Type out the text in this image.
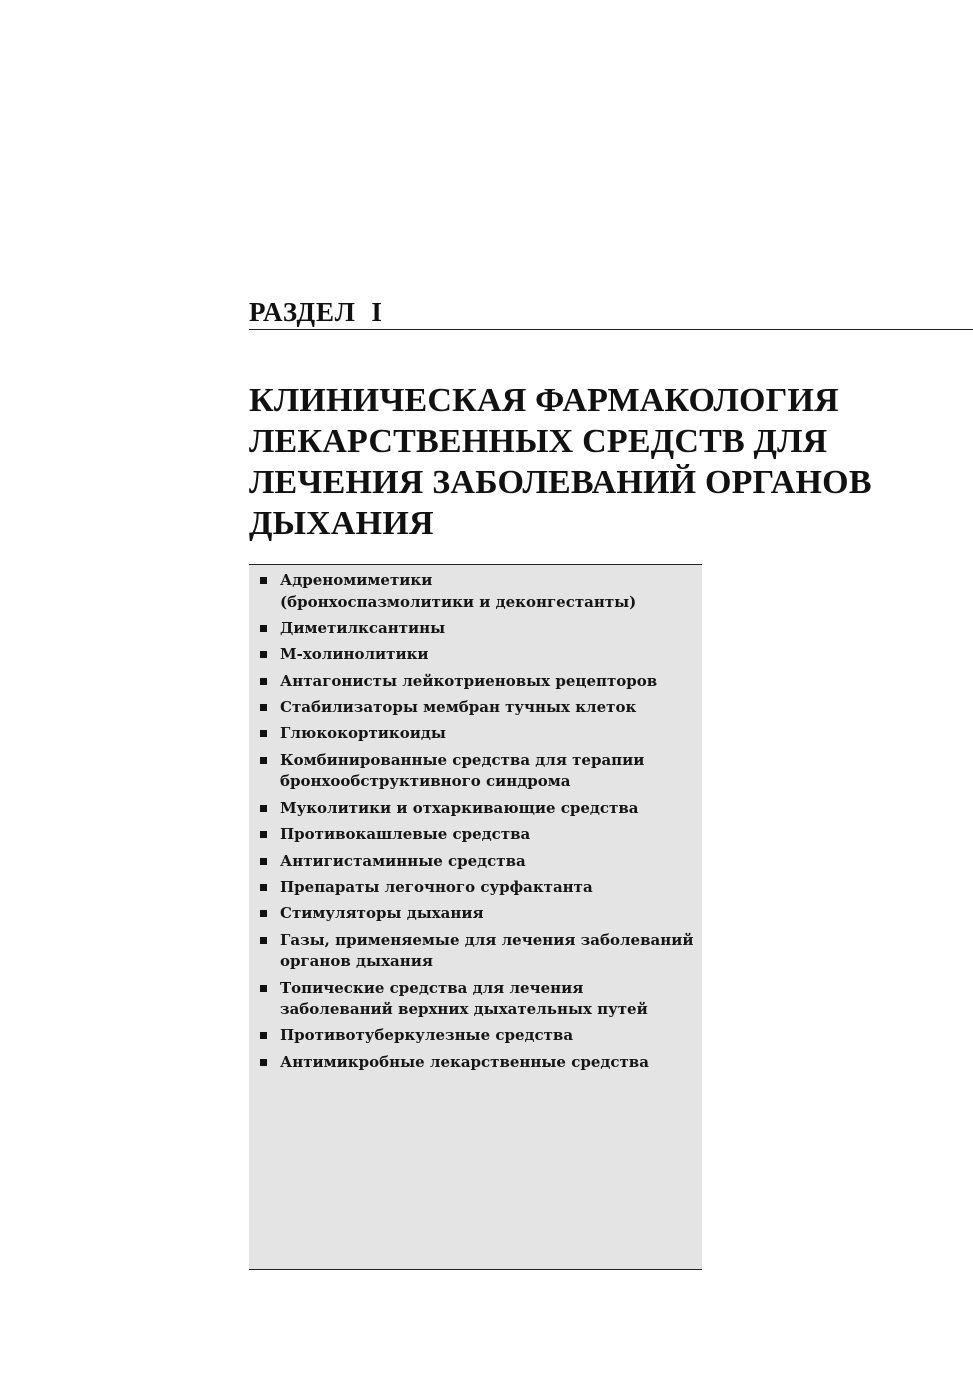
РАЗДЕЛ  I
КЛИНИЧЕСКАЯ ФАРМАКОЛОГИЯ
ЛЕКАРСТВЕННЫХ СРЕДСТВ ДЛЯ
ЛЕЧЕНИЯ ЗАБОЛЕВАНИЙ ОРГАНОВ
ДЫХАНИЯ
Адреномиметики
(бронхоспазмолитики и деконгестанты)
Диметилксантины
М-холинолитики
Антагонисты лейкотриеновых рецепторов
Стабилизаторы мембран тучных клеток
Глюкокортикоиды
Комбинированные средства для терапии
бронхообструктивного синдрома
Муколитики и отхаркивающие средства
Противокашлевые средства
Антигистаминные средства
Препараты легочного сурфактанта
Стимуляторы дыхания
Газы, применяемые для лечения заболеваний
органов дыхания
Топические средства для лечения
заболеваний верхних дыхательных путей
Противотуберкулезные средства
Антимикробные лекарственные средства
